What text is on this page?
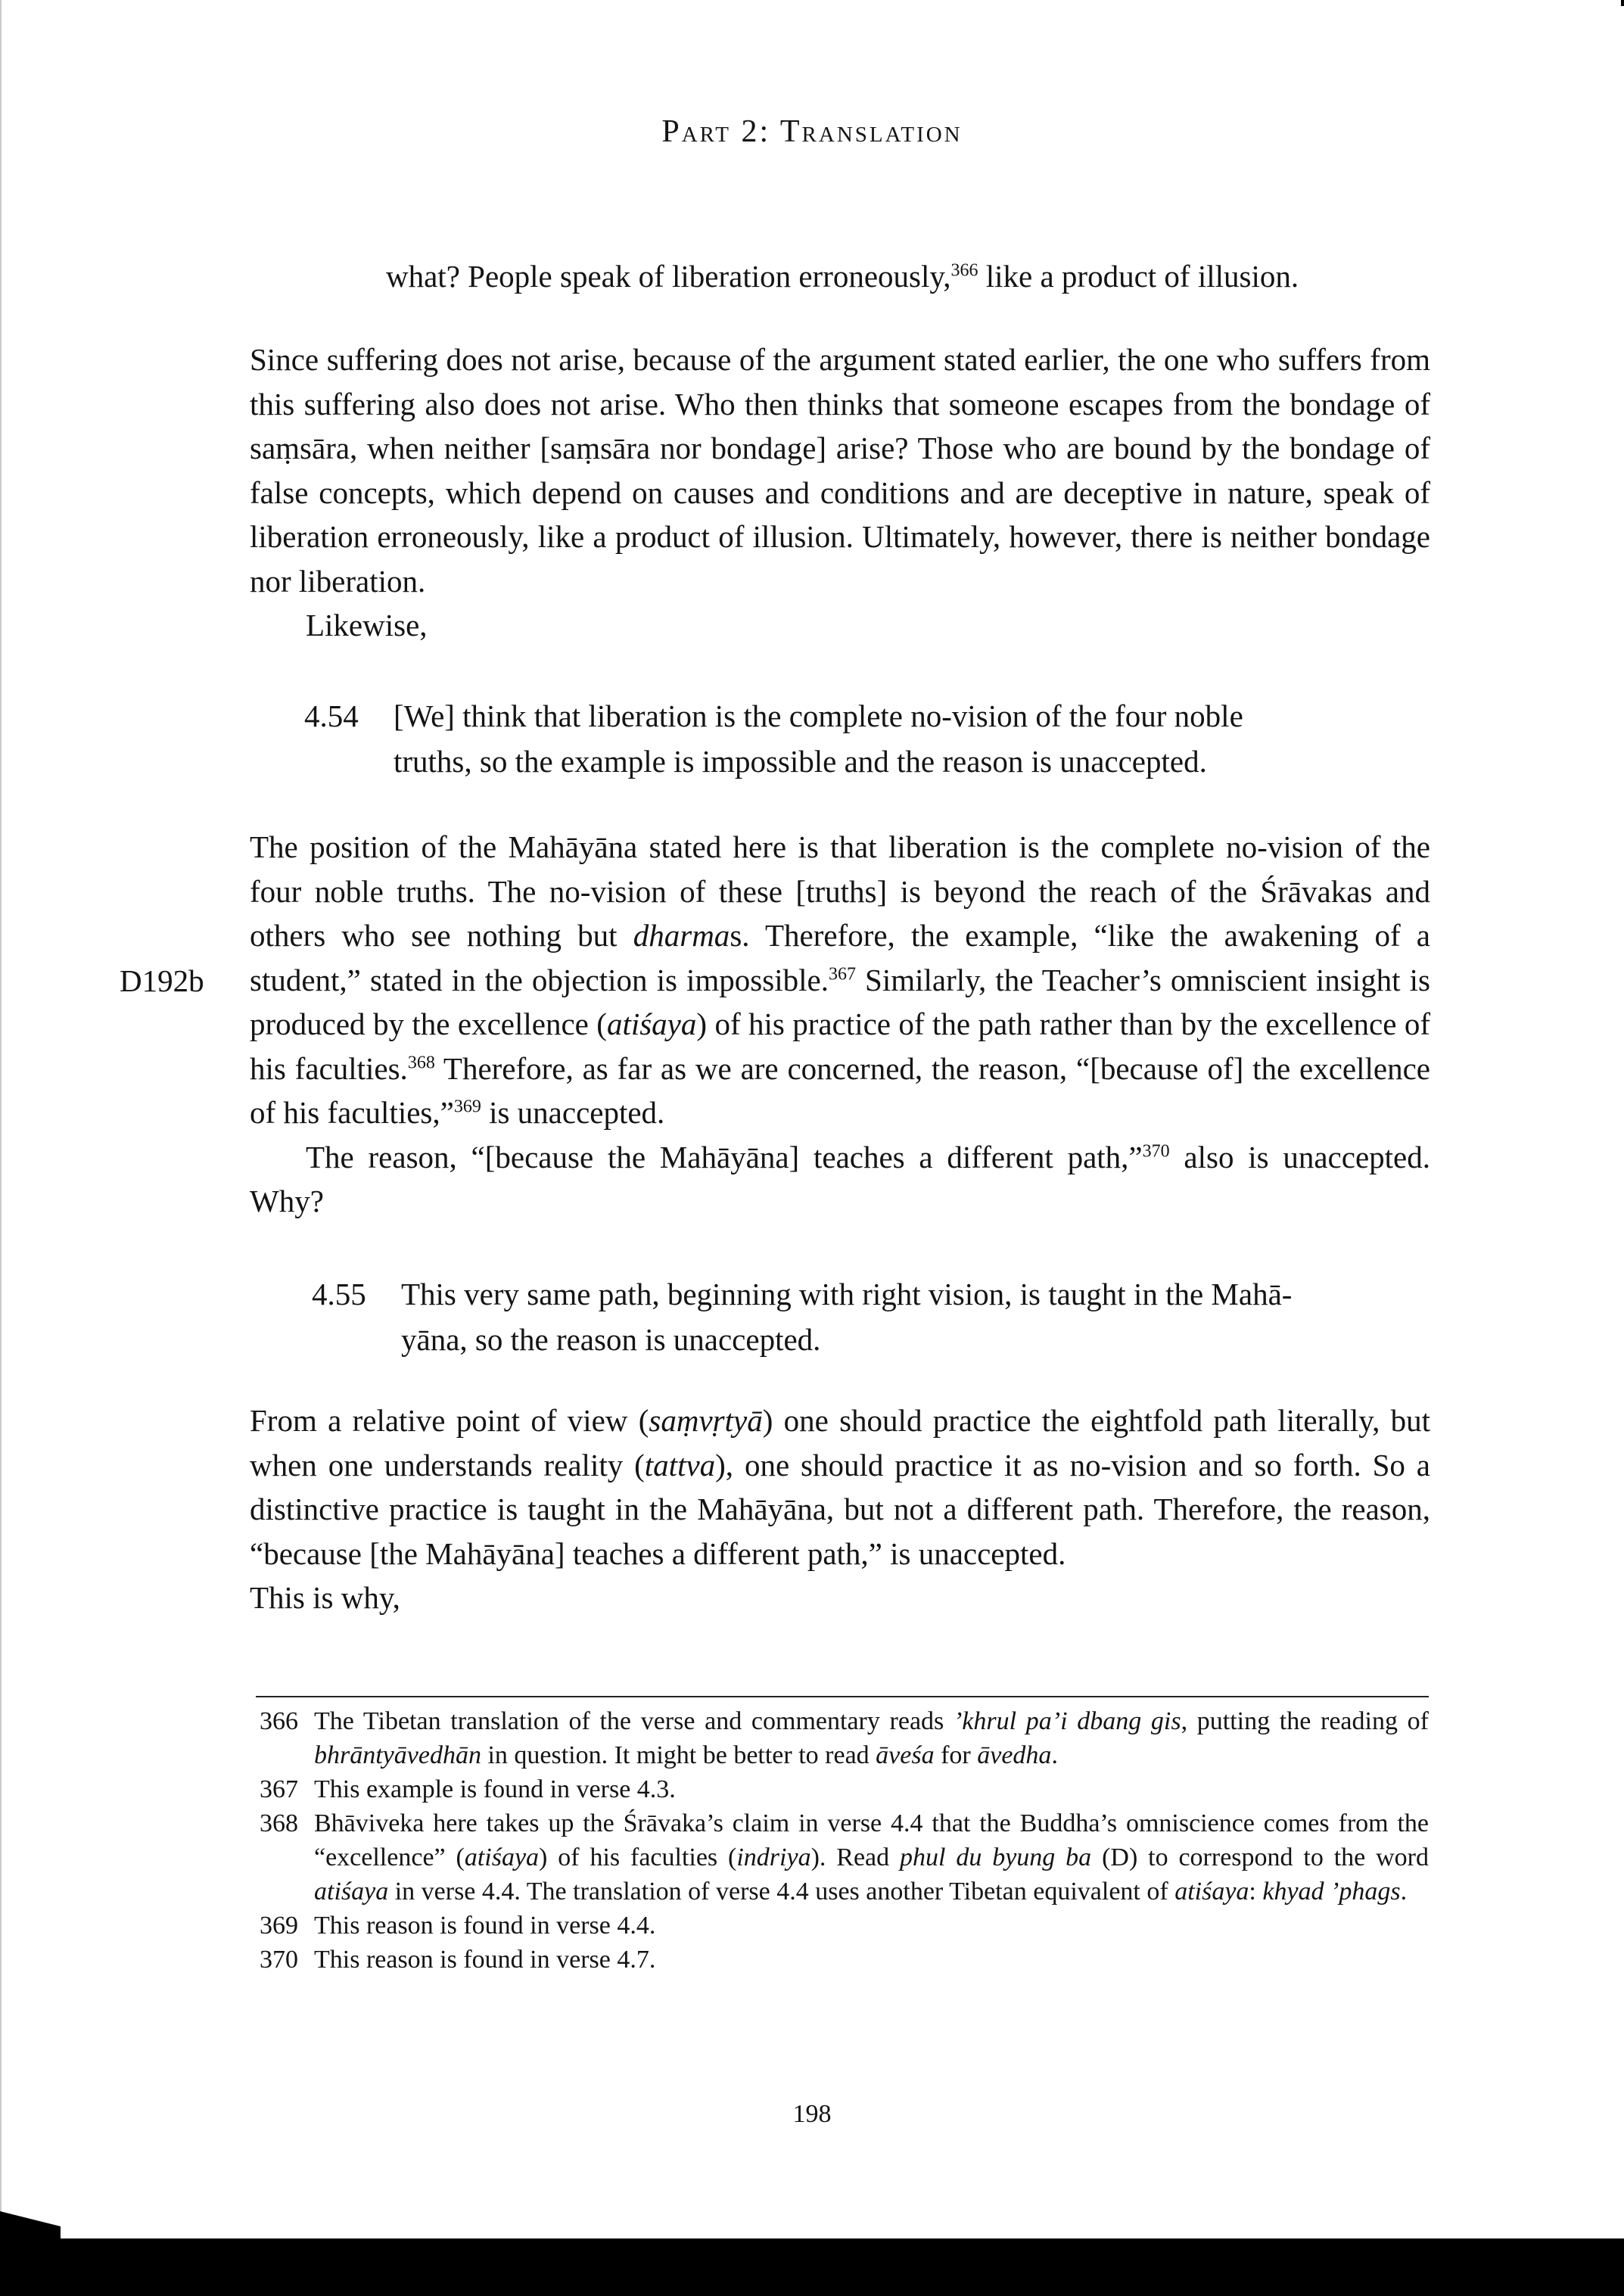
Part 2: Translation
what? People speak of liberation erroneously,$^{366}$ like a product of illusion.

Since suffering does not arise, because of the argument stated earlier, the one who suffers from this suffering also does not arise. Who then thinks that someone escapes from the bondage of saṃsāra, when neither [saṃsāra nor bondage] arise? Those who are bound by the bondage of false concepts, which depend on causes and conditions and are deceptive in nature, speak of liberation erroneously, like a product of illusion. Ultimately, however, there is neither bondage nor liberation.

Likewise,

4.54 [We] think that liberation is the complete no-vision of the four noble
truths, so the example is impossible and the reason is unaccepted.
D192b

The position of the Mahāyāna stated here is that liberation is the complete no-vision of the four noble truths. The no-vision of these [truths] is beyond the reach of the Śrāvakas and others who see nothing but dharmas. Therefore, the example, “like the awakening of a student,” stated in the objection is impossible.$^{367}$ Similarly, the Teacher’s omniscient insight is produced by the excellence (atiśaya) of his practice of the path rather than by the excellence of his faculties.$^{368}$ Therefore, as far as we are concerned, the reason, “[because of] the excellence of his faculties,”$^{369}$ is unaccepted.

The reason, “[because the Mahāyāna] teaches a different path,”$^{370}$ also is unaccepted. Why?

4.55 This very same path, beginning with right vision, is taught in the Mahā-
yāna, so the reason is unaccepted.

From a relative point of view (saṃvṛtyā) one should practice the eightfold path literally, but when one understands reality (tattva), one should practice it as no-vision and so forth. So a distinctive practice is taught in the Mahāyāna, but not a different path. Therefore, the reason, “because [the Mahāyāna] teaches a different path,” is unaccepted.

This is why,

366 The Tibetan translation of the verse and commentary reads ’khrul pa’i dbang gis, putting the reading of bhrāntyāvedhān in question. It might be better to read āveśa for āvedha.

367 This example is found in verse 4.3.

368 Bhāviveka here takes up the Śrāvaka’s claim in verse 4.4 that the Buddha’s omniscience comes from the “excellence” (atiśaya) of his faculties (indriya). Read phul du byung ba (D) to correspond to the word atiśaya in verse 4.4. The translation of verse 4.4 uses another Tibetan equivalent of atiśaya: khyad ’phags.

369 This reason is found in verse 4.4.

370 This reason is found in verse 4.7.

198
